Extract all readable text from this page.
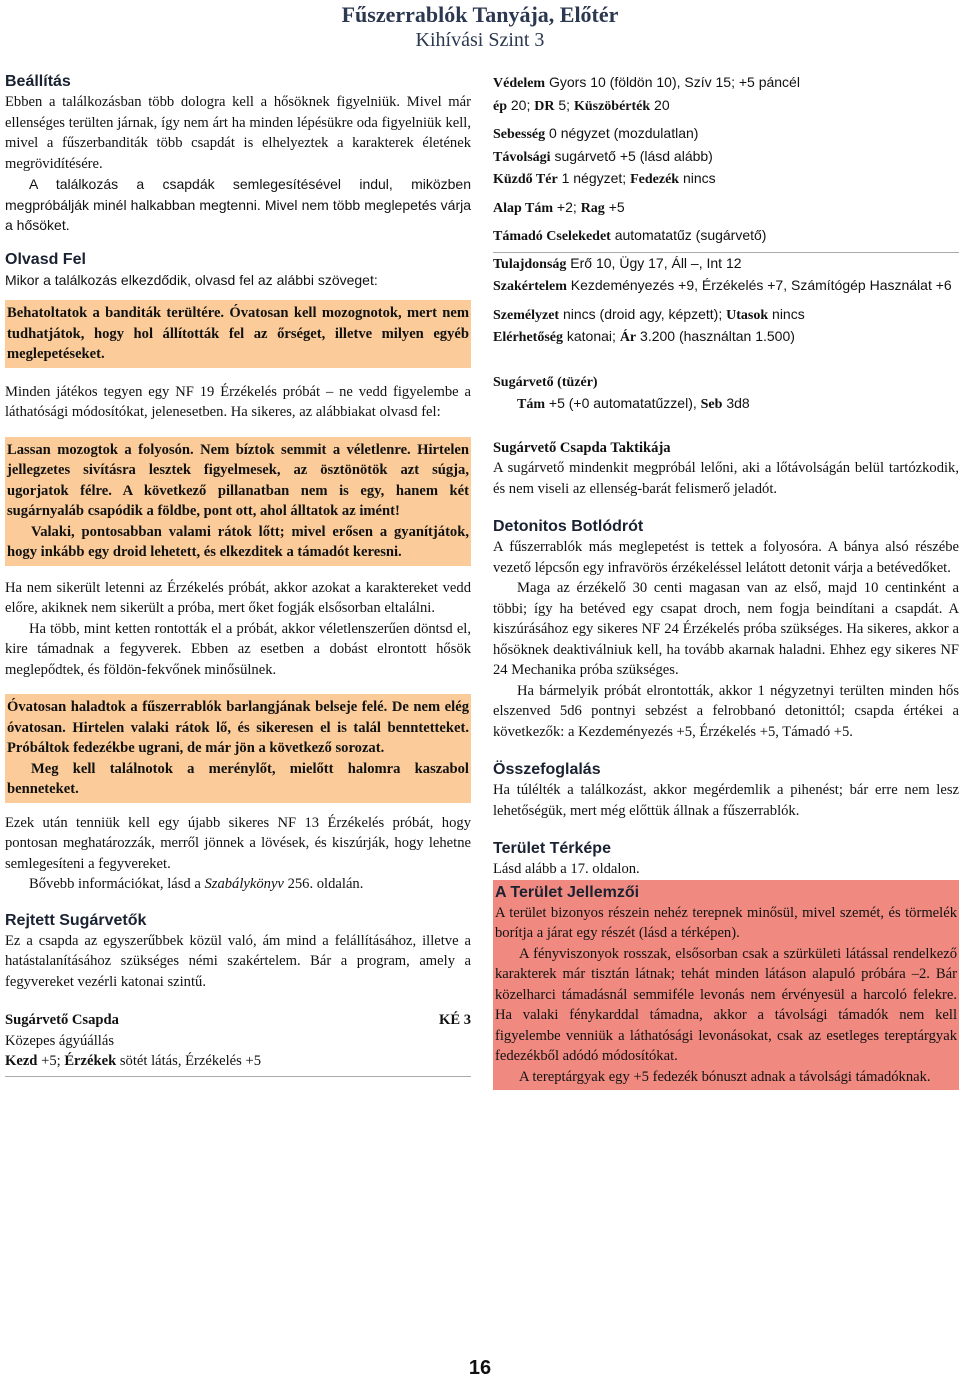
Fűszerrablók Tanyája, Előtér
Kihívási Szint 3
Beállítás

Ebben a találkozásban több dologra kell a hősöknek figyelniük. Mivel már ellenséges terülten járnak, így nem árt ha minden lépésükre oda figyelniük kell, mivel a fűszerbanditák több csapdát is elhelyeztek a karakterek életének megrövidítésére.

A találkozás a csapdák semlegesítésével indul, miközben megpróbálják minél halkabban megtenni. Mivel nem több meglepetés várja a hősöket.

Olvasd Fel

Mikor a találkozás elkezdődik, olvasd fel az alábbi szöveget:

Behatoltatok a banditák terültére. Óvatosan kell mozognotok, mert nem tudhatjátok, hogy hol állították fel az őrséget, illetve milyen egyéb meglepetéseket.

Minden játékos tegyen egy NF 19 Érzékelés próbát – ne vedd figyelembe a láthatósági módosítókat, jelenesetben. Ha sikeres, az alábbiakat olvasd fel:

Lassan mozogtok a folyosón. Nem bíztok semmit a véletlenre. Hirtelen jellegzetes sivításra lesztek figyelmesek, az ösztönötök azt súgja, ugorjatok félre. A következő pillanatban nem is egy, hanem két sugárnyaláb csapódik a földbe, pont ott, ahol álltatok az imént!

Valaki, pontosabban valami rátok lőtt; mivel erősen a gyanítjátok, hogy inkább egy droid lehetett, és elkezditek a támadót keresni.

Ha nem sikerült letenni az Érzékelés próbát, akkor azokat a karaktereket vedd előre, akiknek nem sikerült a próba, mert őket fogják elsősorban eltalálni.

Ha több, mint ketten rontották el a próbát, akkor véletlenszerűen döntsd el, kire támadnak a fegyverek. Ebben az esetben a dobást elrontott hősök meglepődtek, és földön-fekvőnek minősülnek.

Óvatosan haladtok a fűszerrablók barlangjának belseje felé. De nem elég óvatosan. Hirtelen valaki rátok lő, és sikeresen el is talál benntetteket. Próbáltok fedezékbe ugrani, de már jön a következő sorozat.

Meg kell találnotok a merénylőt, mielőtt halomra kaszabol benneteket.

Ezek után tenniük kell egy újabb sikeres NF 13 Érzékelés próbát, hogy pontosan meghatározzák, merről jönnek a lövések, és kiszúrják, hogy lehetne semlegesíteni a fegyvereket.

Bővebb információkat, lásd a Szabálykönyv 256. oldalán.

Rejtett Sugárvetők

Ez a csapda az egyszerűbbek közül való, ám mind a felállításához, illetve a hatástalanításához szükséges némi szakértelem. Bár a program, amely a fegyvereket vezérli katonai szintű.

Sugárvető Csapda	KÉ 3

Közepes ágyúállás

Kezd +5; Érzékek sötét látás, Érzékelés +5

Védelem Gyors 10 (földön 10), Szív 15; +5 páncél

ép 20; DR 5; Küszöbérték 20

Sebesség 0 négyzet (mozdulatlan)

Távolsági sugárvető +5 (lásd alább)

Küzdő Tér 1 négyzet; Fedezék nincs

Alap Tám +2; Rag +5

Támadó Cselekedet automatatűz (sugárvető)

Tulajdonság Erő 10, Ügy 17, Áll –, Int 12

Szakértelem Kezdeményezés +9, Érzékelés +7, Számítógép Használat +6

Személyzet nincs (droid agy, képzett); Utasok nincs

Elérhetőség katonai; Ár 3.200 (használtan 1.500)

Sugárvető (tüzér)

Tám +5 (+0 automatatűzzel), Seb 3d8

Sugárvető Csapda Taktikája

A sugárvető mindenkit megpróbál lelőni, aki a lőtávolságán belül tartózkodik, és nem viseli az ellenség-barát felismerő jeladót.

Detonitos Botlódrót

A fűszerrablók más meglepetést is tettek a folyosóra. A bánya alsó részébe vezető lépcsőn egy infravörös érzékeléssel lelátott detonit várja a betévedőket.

Maga az érzékelő 30 centi magasan van az első, majd 10 centinként a többi; így ha betéved egy csapat droch, nem fogja beindítani a csapdát. A kiszúrásához egy sikeres NF 24 Érzékelés próba szükséges. Ha sikeres, akkor a hősöknek deaktiválniuk kell, ha tovább akarnak haladni. Ehhez egy sikeres NF 24 Mechanika próba szükséges.

Ha bármelyik próbát elrontották, akkor 1 négyzetnyi terülten minden hős elszenved 5d6 pontnyi sebzést a felrobbanó detonittól; csapda értékei a következők: a Kezdeményezés +5, Érzékelés +5, Támadó +5.

Összefoglalás

Ha túlélték a találkozást, akkor megérdemlik a pihenést; bár erre nem lesz lehetőségük, mert még előttük állnak a fűszerrablók.

Terület Térképe

Lásd alább a 17. oldalon.

A Terület Jellemzői

A terület bizonyos részein nehéz terepnek minősül, mivel szemét, és törmelék borítja a járat egy részét (lásd a térképen).

A fényviszonyok rosszak, elsősorban csak a szürkületi látással rendelkező karakterek már tisztán látnak; tehát minden látáson alapuló próbára –2. Bár közelharci támadásnál semmiféle levonás nem érvényesül a harcoló felekre. Ha valaki fénykarddal támadna, akkor a távolsági támadók nem kell figyelembe venniük a láthatósági levonásokat, csak az esetleges tereptárgyak fedezékből adódó módosítókat.

A tereptárgyak egy +5 fedezék bónuszt adnak a távolsági támadóknak.

16
